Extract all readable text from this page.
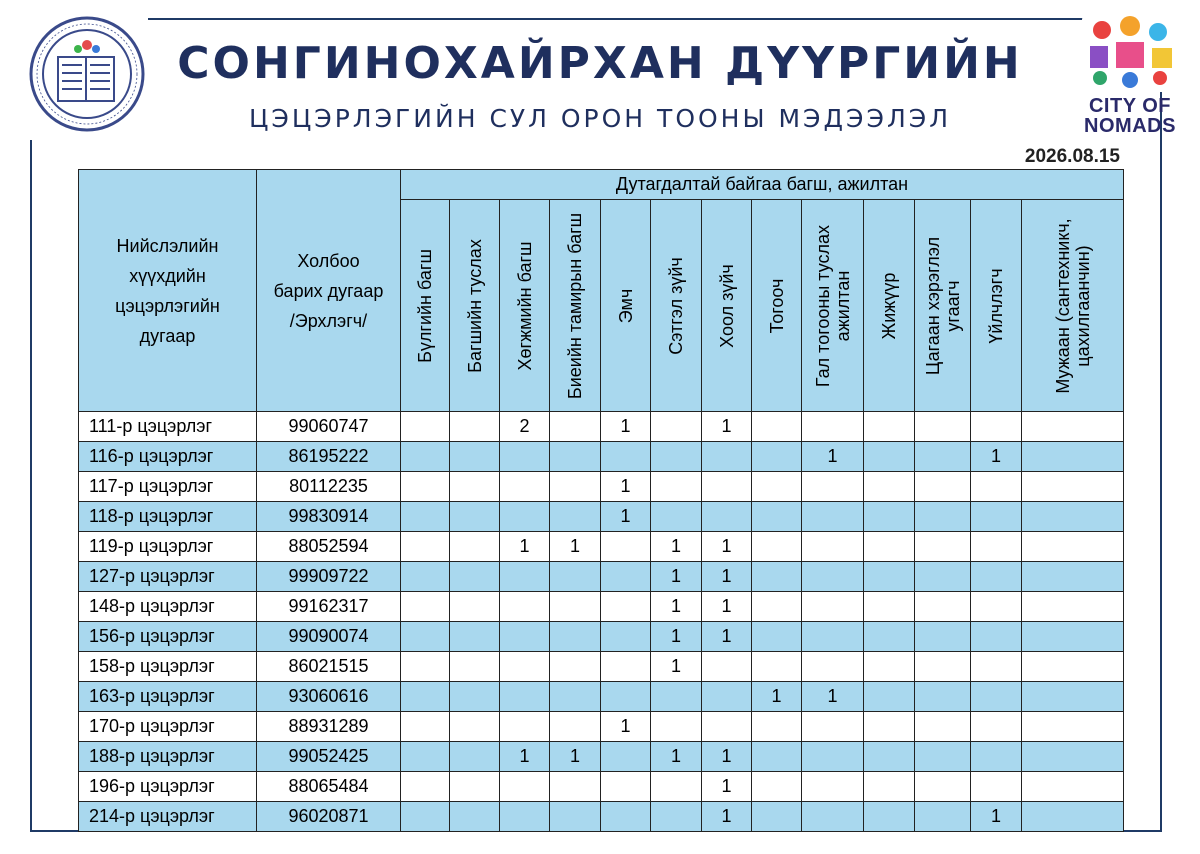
CITY OF
NOMADS
СОНГИНОХАЙРХАН ДҮҮРГИЙН
ЦЭЦЭРЛЭГИЙН СУЛ ОРОН ТООНЫ МЭДЭЭЛЭЛ
2026.08.15
Нийслэлийн хүүхдийн цэцэрлэгийн дугаар	Холбоо барих дугаар /Эрхлэгч/	Дутагдалтай байгаа багш, ажилтан												

		Бүлгийн багш	Багшийн туслах	Хөгжмийн багш	Биеийн тамирын багш	Эмч	Сэтгэл зүйч	Хоол зүйч	Тогооч	Гал тогооны туслах ажилтан	Жижүүр	Цагаан хэрэглэл угаагч	Үйлчлэгч	Мужаан (сантехникч, цахилгаанчин)

111-р цэцэрлэг	99060747			2		1		1						
116-р цэцэрлэг	86195222									1			1	
117-р цэцэрлэг	80112235					1								
118-р цэцэрлэг	99830914					1								
119-р цэцэрлэг	88052594			1	1		1	1						
127-р цэцэрлэг	99909722						1	1						
148-р цэцэрлэг	99162317						1	1						
156-р цэцэрлэг	99090074						1	1						
158-р цэцэрлэг	86021515						1							
163-р цэцэрлэг	93060616								1	1				
170-р цэцэрлэг	88931289					1								
188-р цэцэрлэг	99052425			1	1		1	1						
196-р цэцэрлэг	88065484							1						
214-р цэцэрлэг	96020871							1					1	
